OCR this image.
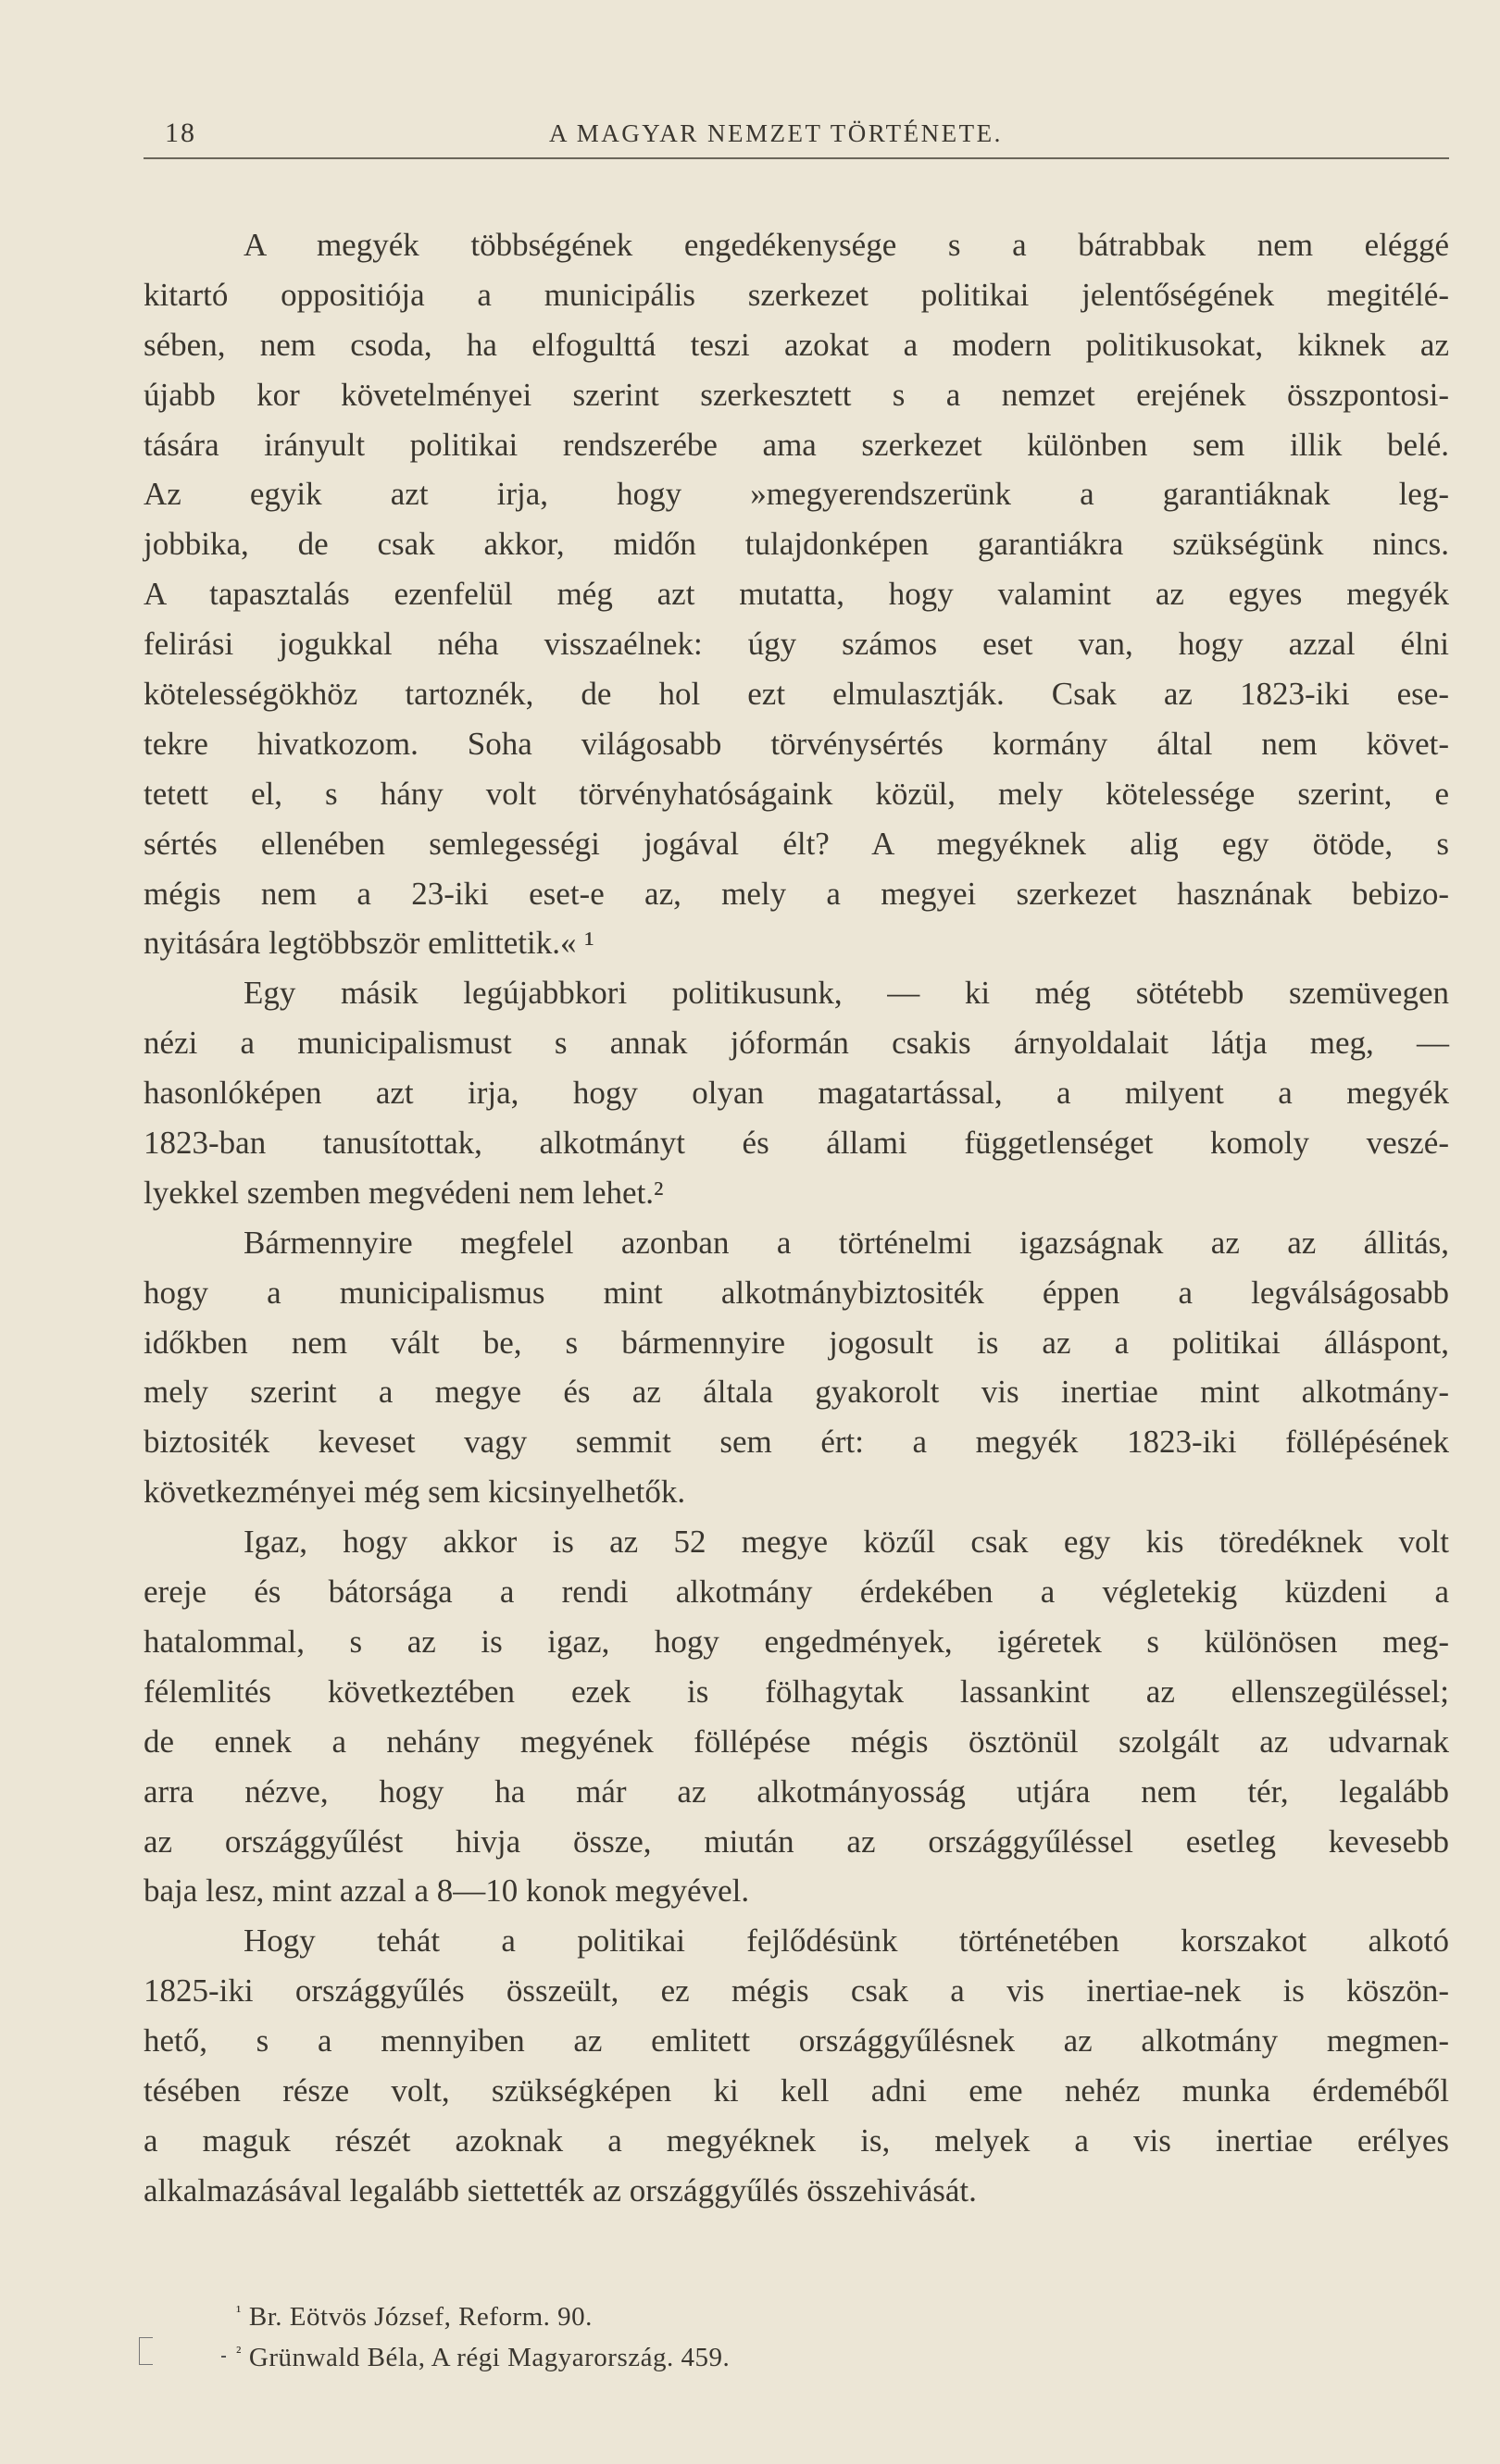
18	A MAGYAR NEMZET TÖRTÉNETE.
A megyék többségének engedékenysége s a bátrabbak nem eléggé
kitartó oppositiója a municipális szerkezet politikai jelentőségének megitélé-
sében, nem csoda, ha elfogulttá teszi azokat a modern politikusokat, kiknek az
újabb kor követelményei szerint szerkesztett s a nemzet erejének összpontosi-
tására irányult politikai rendszerébe ama szerkezet különben sem illik belé.
Az egyik azt irja, hogy »megyerendszerünk a garantiáknak leg-
jobbika, de csak akkor, midőn tulajdonképen garantiákra szükségünk nincs.
A tapasztalás ezenfelül még azt mutatta, hogy valamint az egyes megyék
felirási jogukkal néha visszaélnek: úgy számos eset van, hogy azzal élni
kötelességökhöz tartoznék, de hol ezt elmulasztják. Csak az 1823-iki ese-
tekre hivatkozom. Soha világosabb törvénysértés kormány által nem követ-
tetett el, s hány volt törvényhatóságaink közül, mely kötelessége szerint, e
sértés ellenében semlegességi jogával élt? A megyéknek alig egy ötöde, s
mégis nem a 23-iki eset-e az, mely a megyei szerkezet hasznának bebizo-
nyitására legtöbbször emlittetik.« ¹
Egy másik legújabbkori politikusunk, — ki még sötétebb szemüvegen
nézi a municipalismust s annak jóformán csakis árnyoldalait látja meg, —
hasonlóképen azt irja, hogy olyan magatartással, a milyent a megyék
1823-ban tanusítottak, alkotmányt és állami függetlenséget komoly veszé-
lyekkel szemben megvédeni nem lehet.²
Bármennyire megfelel azonban a történelmi igazságnak az az állitás,
hogy a municipalismus mint alkotmánybiztositék éppen a legválságosabb
időkben nem vált be, s bármennyire jogosult is az a politikai álláspont,
mely szerint a megye és az általa gyakorolt vis inertiae mint alkotmány-
biztositék keveset vagy semmit sem ért: a megyék 1823-iki föllépésének
következményei még sem kicsinyelhetők.
Igaz, hogy akkor is az 52 megye közűl csak egy kis töredéknek volt
ereje és bátorsága a rendi alkotmány érdekében a végletekig küzdeni a
hatalommal, s az is igaz, hogy engedmények, igéretek s különösen meg-
félemlités következtében ezek is fölhagytak lassankint az ellenszegüléssel;
de ennek a nehány megyének föllépése mégis ösztönül szolgált az udvarnak
arra nézve, hogy ha már az alkotmányosság utjára nem tér, legalább
az országgyűlést hivja össze, miután az országgyűléssel esetleg kevesebb
baja lesz, mint azzal a 8—10 konok megyével.
Hogy tehát a politikai fejlődésünk történetében korszakot alkotó
1825-iki országgyűlés összeült, ez mégis csak a vis inertiae-nek is köszön-
hető, s a mennyiben az emlitett országgyűlésnek az alkotmány megmen-
tésében része volt, szükségképen ki kell adni eme nehéz munka érdeméből
a maguk részét azoknak a megyéknek is, melyek a vis inertiae erélyes
alkalmazásával legalább siettették az országgyűlés összehivását.
$^{^1}$ Br. Eötvös József, Reform. 90.
$^{^2}$ Grünwald Béla, A régi Magyarország. 459.
